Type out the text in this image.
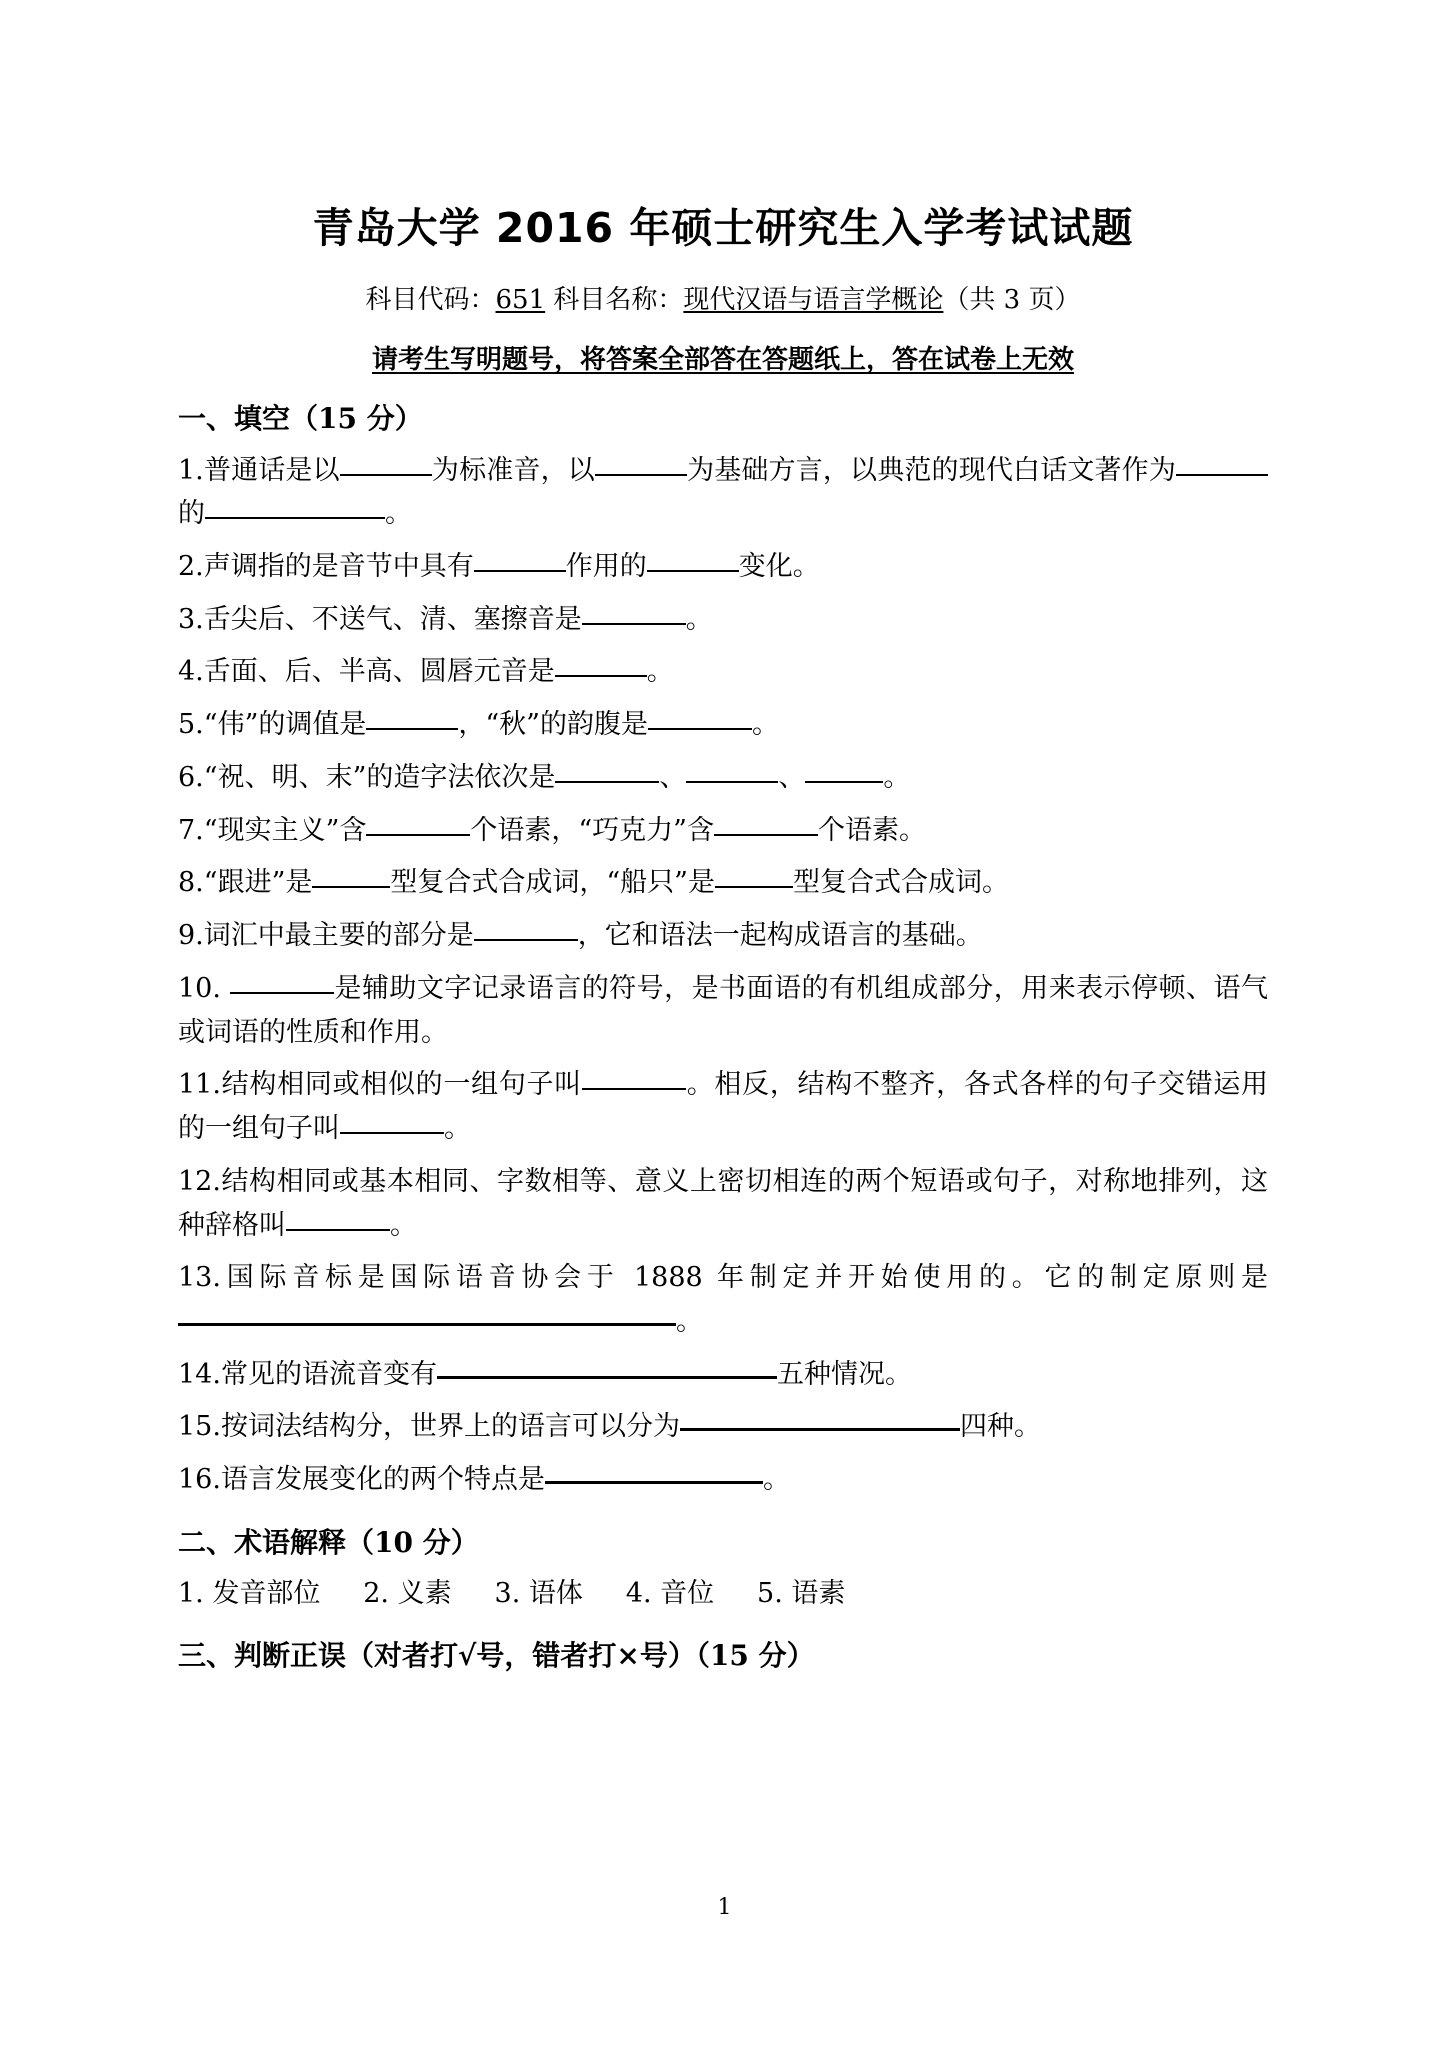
青岛大学 2016 年硕士研究生入学考试试题

科目代码：651 科目名称：现代汉语与语言学概论（共 3 页）

请考生写明题号，将答案全部答在答题纸上，答在试卷上无效

一、填空（15 分）

1.普通话是以	为标准音，以	为基础方言，以典范的现代白话文著作为的	。

2.声调指的是音节中具有	作用的	变化。

3.舌尖后、不送气、清、塞擦音是	。

4.舌面、后、半高、圆唇元音是	。

5.“伟”的调值是	，“秋”的韵腹是	。

6.“祝、明、末”的造字法依次是	、	、	。

7.“现实主义”含	个语素，“巧克力”含	个语素。

8.“跟进”是	型复合式合成词，“船只”是	型复合式合成词。

9.词汇中最主要的部分是	，它和语法一起构成语言的基础。

10.	是辅助文字记录语言的符号，是书面语的有机组成部分，用来表示停顿、语气或词语的性质和作用。

11.结构相同或相似的一组句子叫	。相反，结构不整齐，各式各样的句子交错运用的一组句子叫	。

12.结构相同或基本相同、字数相等、意义上密切相连的两个短语或句子，对称地排列，这种辞格叫	。

13.国际音标是国际语音协会于 1888 年制定并开始使用的。它的制定原则是。

14.常见的语流音变有	五种情况。

15.按词法结构分，世界上的语言可以分为	四种。

16.语言发展变化的两个特点是	。

二、术语解释（10 分）

1. 发音部位     2. 义素     3. 语体     4. 音位     5. 语素

三、判断正误（对者打√号，错者打×号）（15 分）
1
